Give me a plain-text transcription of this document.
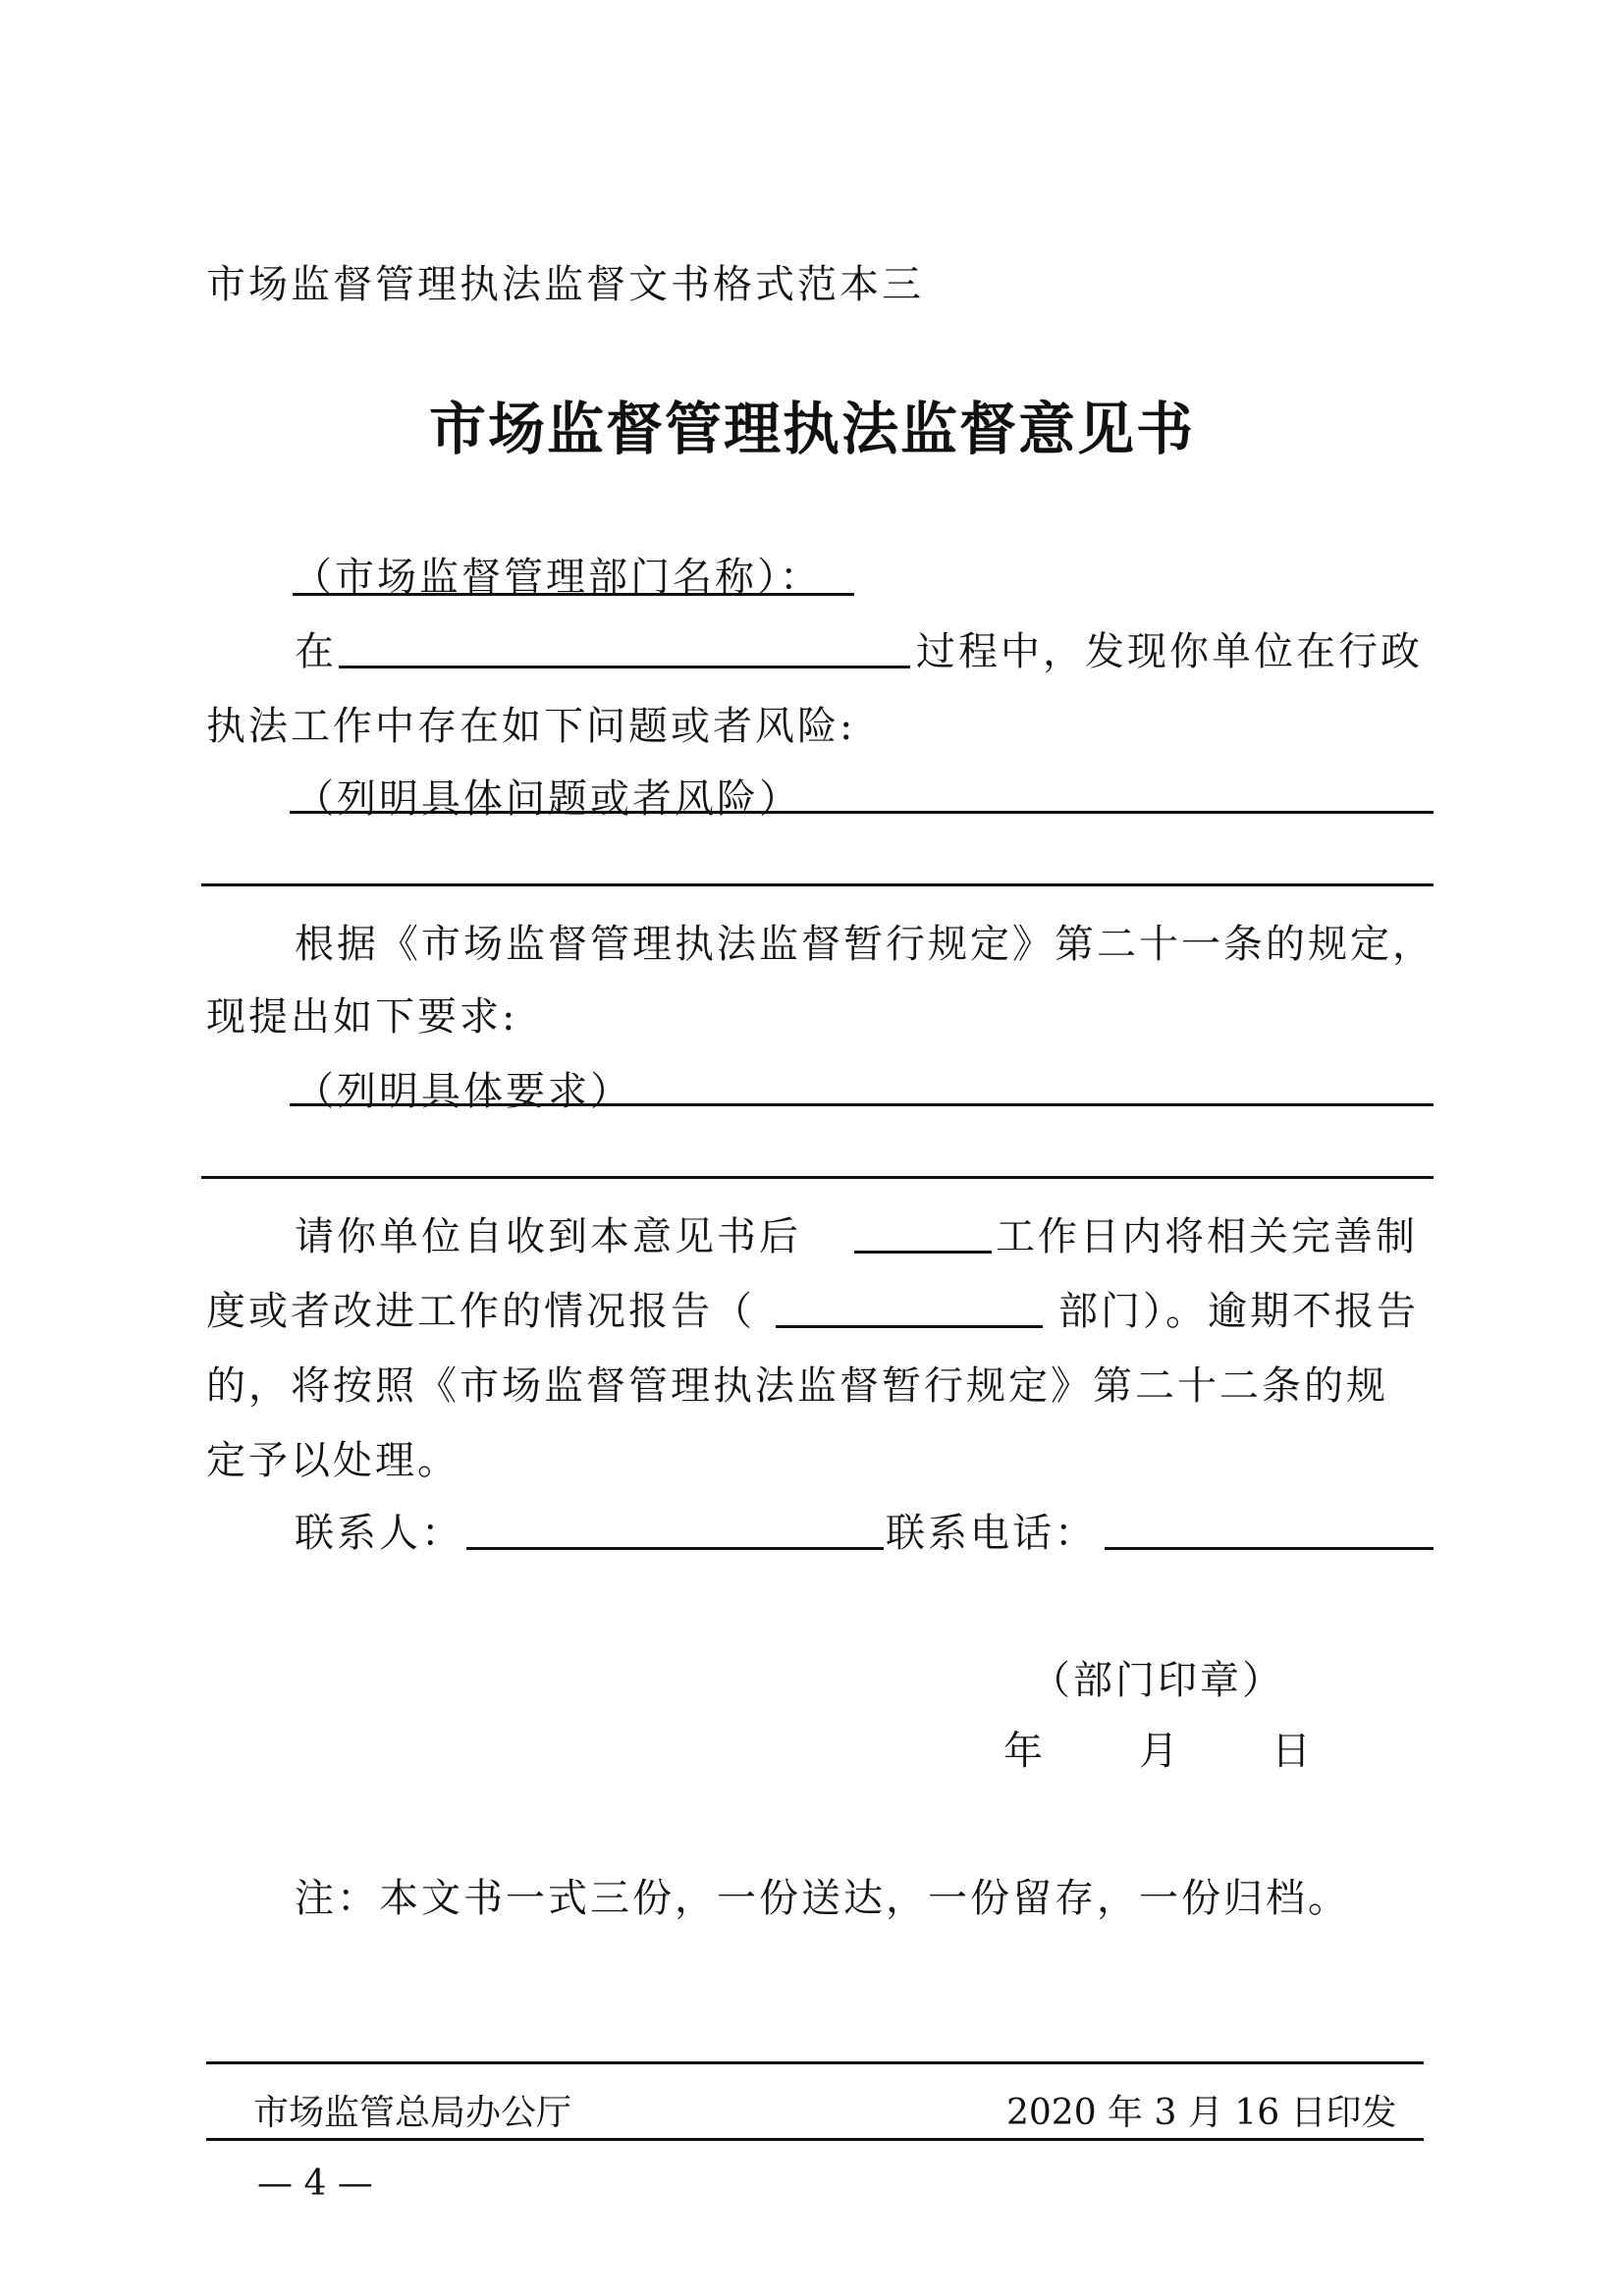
市场监督管理执法监督文书格式范本三
市场监督管理执法监督意见书
（市场监督管理部门名称）：
在	过程中，发现你单位在行政
执法工作中存在如下问题或者风险:
（列明具体问题或者风险）
根据《市场监督管理执法监督暂行规定》第二十一条的规定，
现提出如下要求:
（列明具体要求）
请你单位自收到本意见书后	工作日内将相关完善制
度或者改进工作的情况报告（	部门）。逾期不报告
的，将按照《市场监督管理执法监督暂行规定》第二十二条的规
定予以处理。
联系人：	联系电话：
（部门印章）
年 月 日
注：本文书一式三份，一份送达，一份留存，一份归档。
市场监管总局办公厅	2020 年 3 月 16 日印发
— 4 —
